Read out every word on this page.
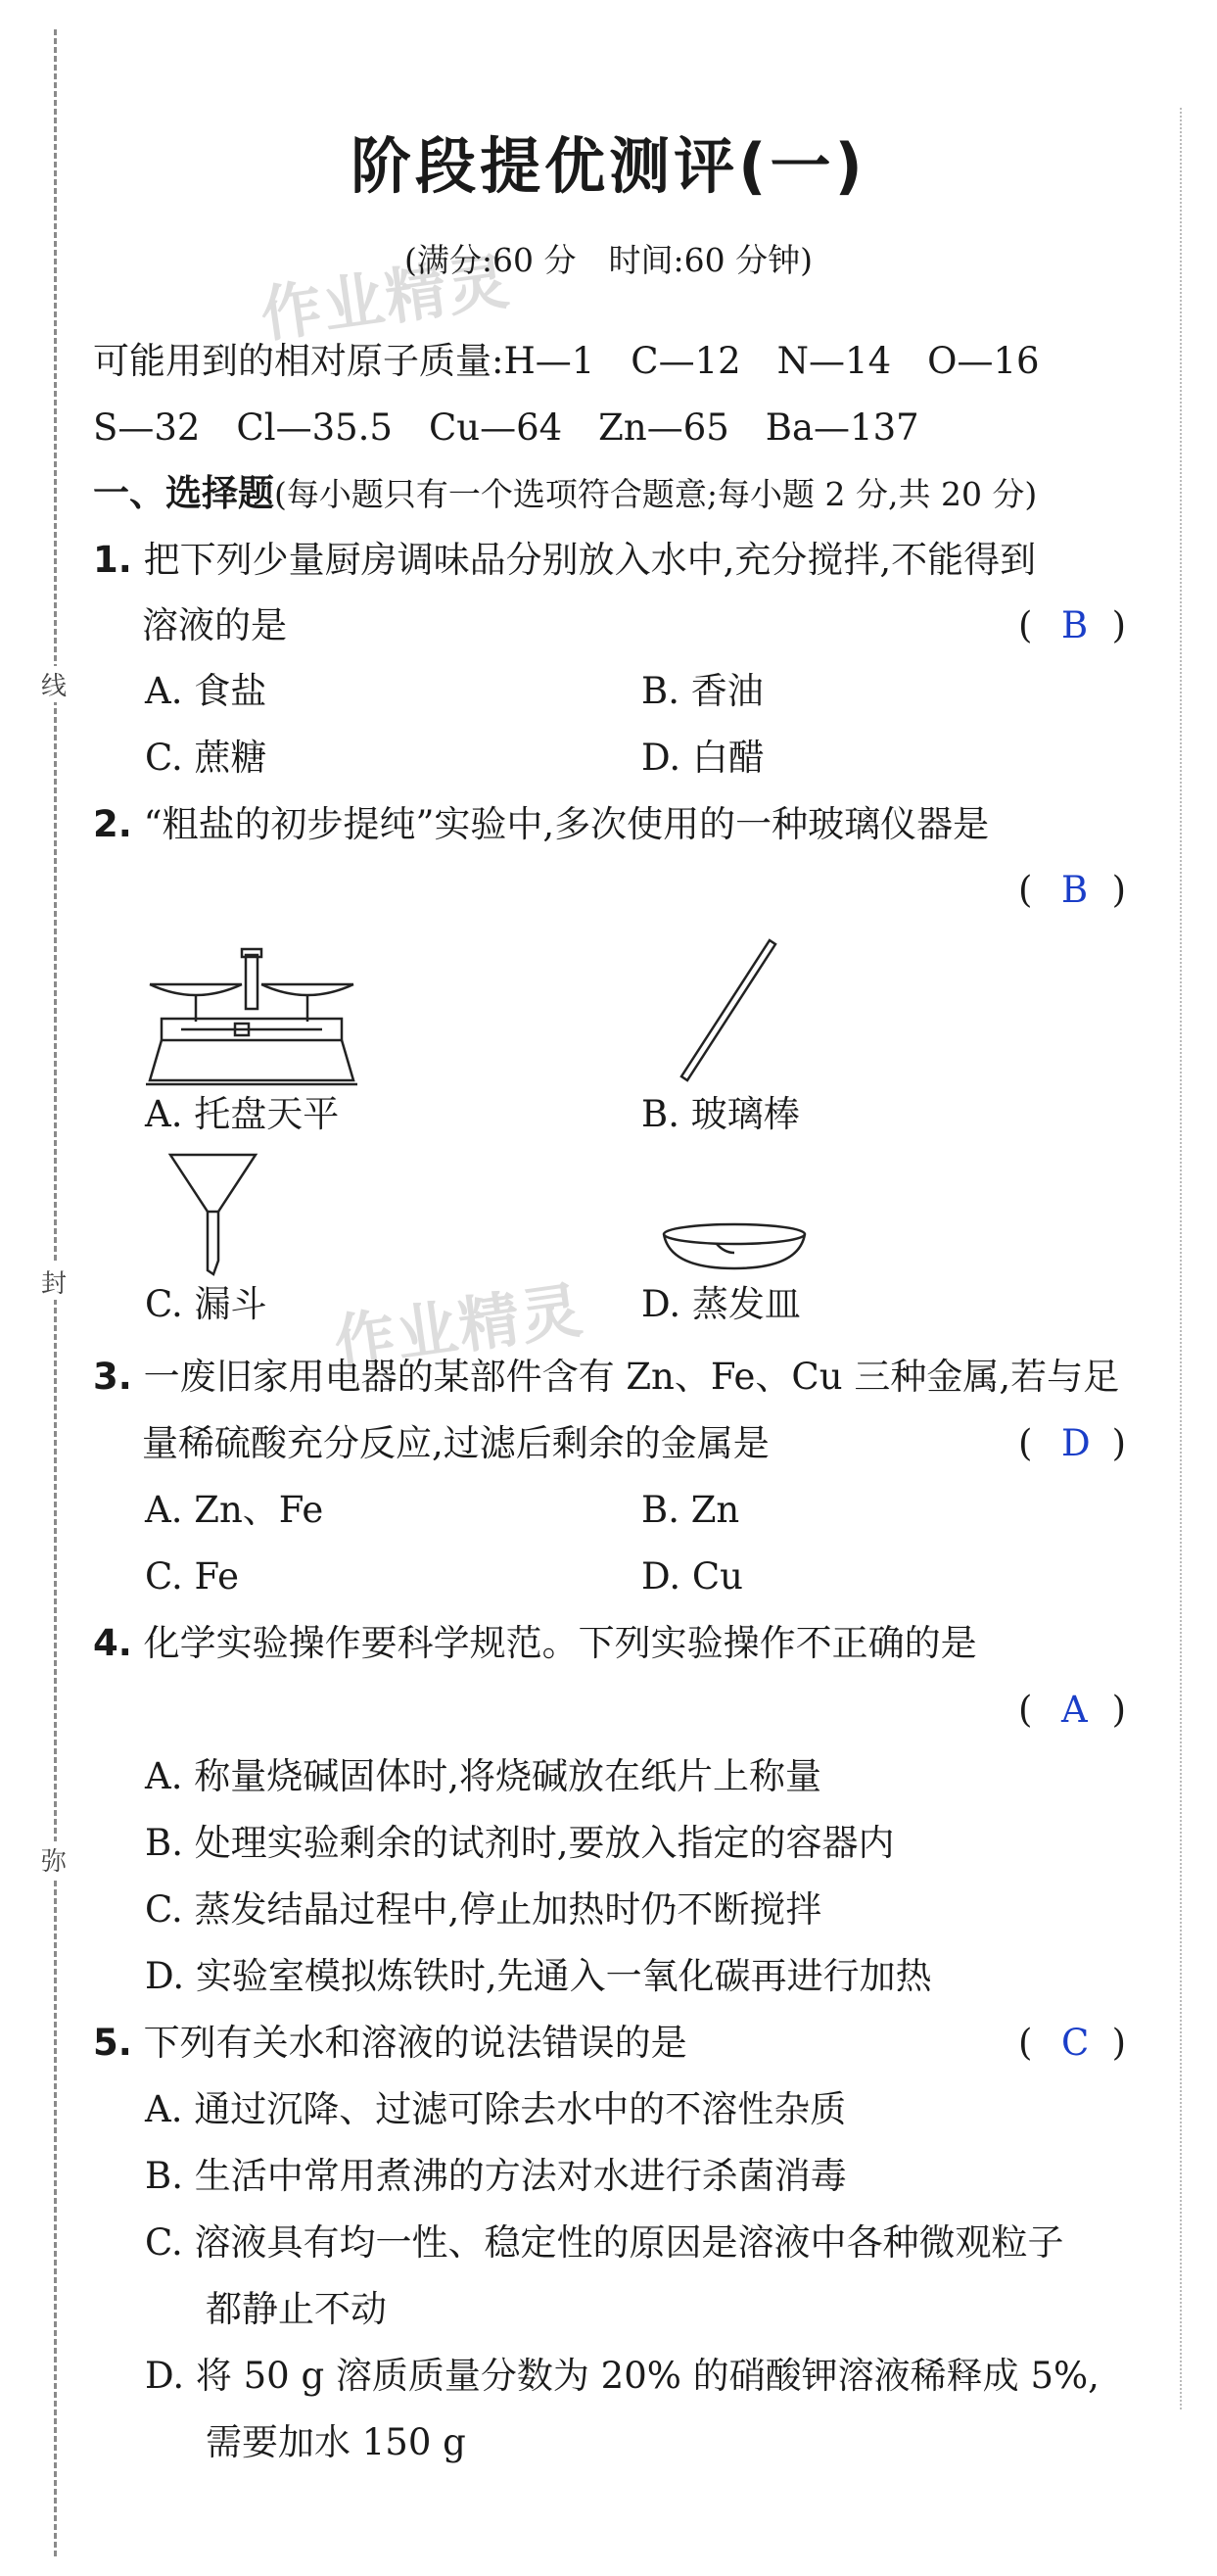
线
封
弥
作业精灵
作业精灵
阶段提优测评(一)
(满分:60 分　时间:60 分钟)
可能用到的相对原子质量:H—1　C—12　N—14　O—16
S—32　Cl—35.5　Cu—64　Zn—65　Ba—137
一、选择题(每小题只有一个选项符合题意;每小题 2 分,共 20 分)
1. 把下列少量厨房调味品分别放入水中,充分搅拌,不能得到
溶液的是	( B )
A. 食盐	B. 香油
C. 蔗糖	D. 白醋
2. “粗盐的初步提纯”实验中,多次使用的一种玻璃仪器是
( B )
A. 托盘天平	B. 玻璃棒
C. 漏斗	D. 蒸发皿
3. 一废旧家用电器的某部件含有 Zn、Fe、Cu 三种金属,若与足
量稀硫酸充分反应,过滤后剩余的金属是	( D )
A. Zn、Fe	B. Zn
C. Fe	D. Cu
4. 化学实验操作要科学规范。下列实验操作不正确的是
( A )
A. 称量烧碱固体时,将烧碱放在纸片上称量
B. 处理实验剩余的试剂时,要放入指定的容器内
C. 蒸发结晶过程中,停止加热时仍不断搅拌
D. 实验室模拟炼铁时,先通入一氧化碳再进行加热
5. 下列有关水和溶液的说法错误的是	( C )
A. 通过沉降、过滤可除去水中的不溶性杂质
B. 生活中常用煮沸的方法对水进行杀菌消毒
C. 溶液具有均一性、稳定性的原因是溶液中各种微观粒子
都静止不动
D. 将 50 g 溶质质量分数为 20% 的硝酸钾溶液稀释成 5%,
需要加水 150 g
